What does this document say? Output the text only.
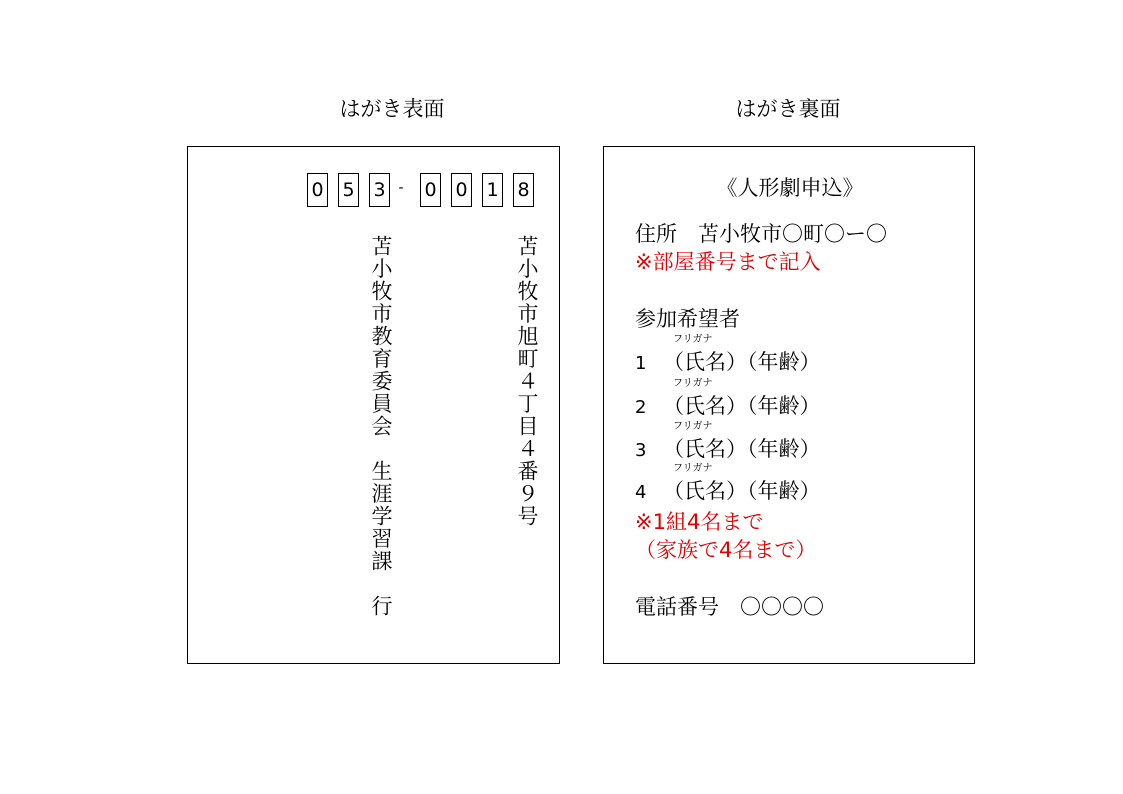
はがき表面	はがき裏面
0 5 3 - 0 0 1 8
苫小牧市旭町４丁目４番９号
苫小牧市教育委員会　生涯学習課　行
《人形劇申込》
住所　苫小牧市〇町〇ー〇
※部屋番号まで記入
参加希望者
フリガナ
1 （氏名）（年齢）
フリガナ
2 （氏名）（年齢）
フリガナ
3 （氏名）（年齢）
フリガナ
4 （氏名）（年齢）
※1組4名まで
（家族で4名まで）
電話番号　〇〇〇〇
